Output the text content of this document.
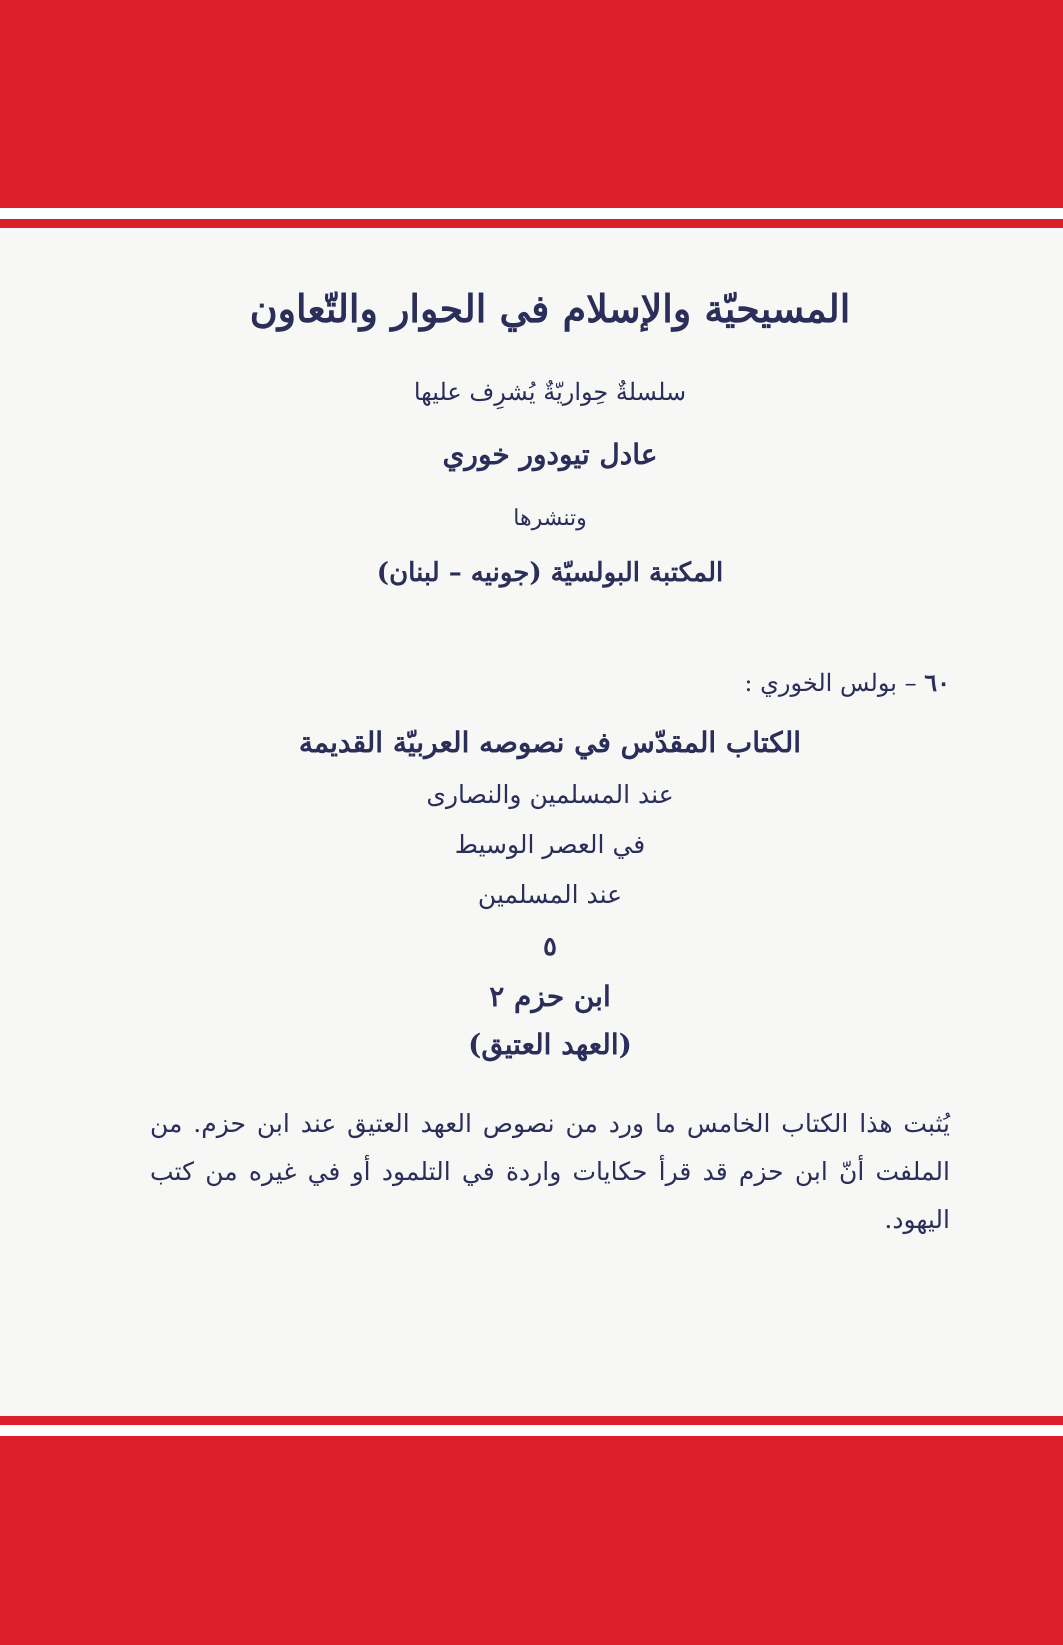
المسيحيّة والإسلام في الحوار والتّعاون
سلسلةٌ حِواريّةٌ يُشرِف عليها
عادل تيودور خوري
وتنشرها
المكتبة البولسيّة (جونيه – لبنان)
٦٠ – بولس الخوري :
الكتاب المقدّس في نصوصه العربيّة القديمة
عند المسلمين والنصارى
في العصر الوسيط
عند المسلمين
٥
ابن حزم ٢
(العهد العتيق)
يُثبت هذا الكتاب الخامس ما ورد من نصوص العهد العتيق عند ابن حزم. من الملفت أنّ ابن حزم قد قرأ حكايات واردة في التلمود أو في غيره من كتب اليهود.
